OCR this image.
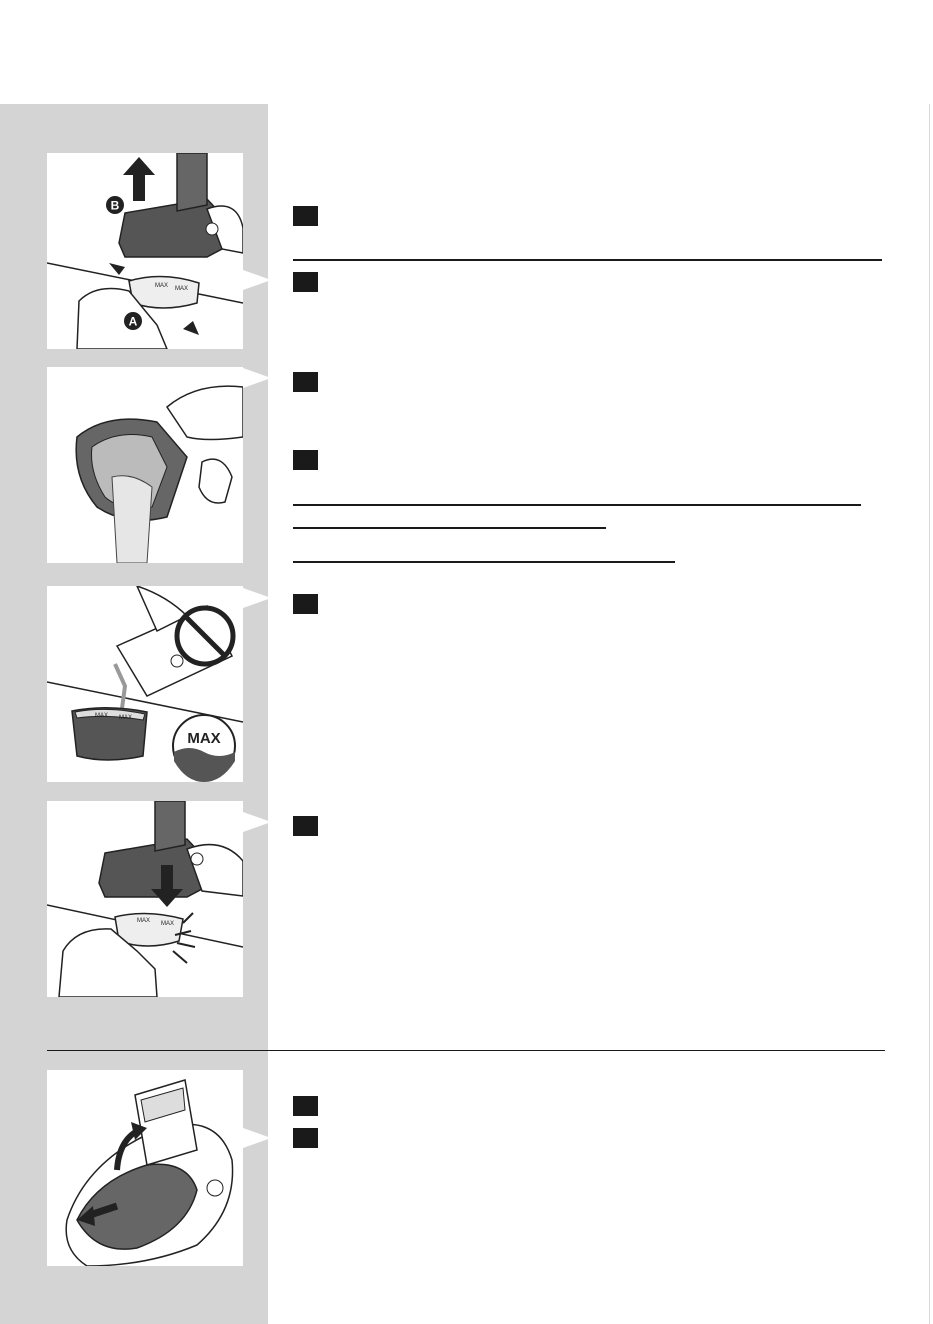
B
MAX MAX
A
MAX MAX
MAX
MAX MAX
